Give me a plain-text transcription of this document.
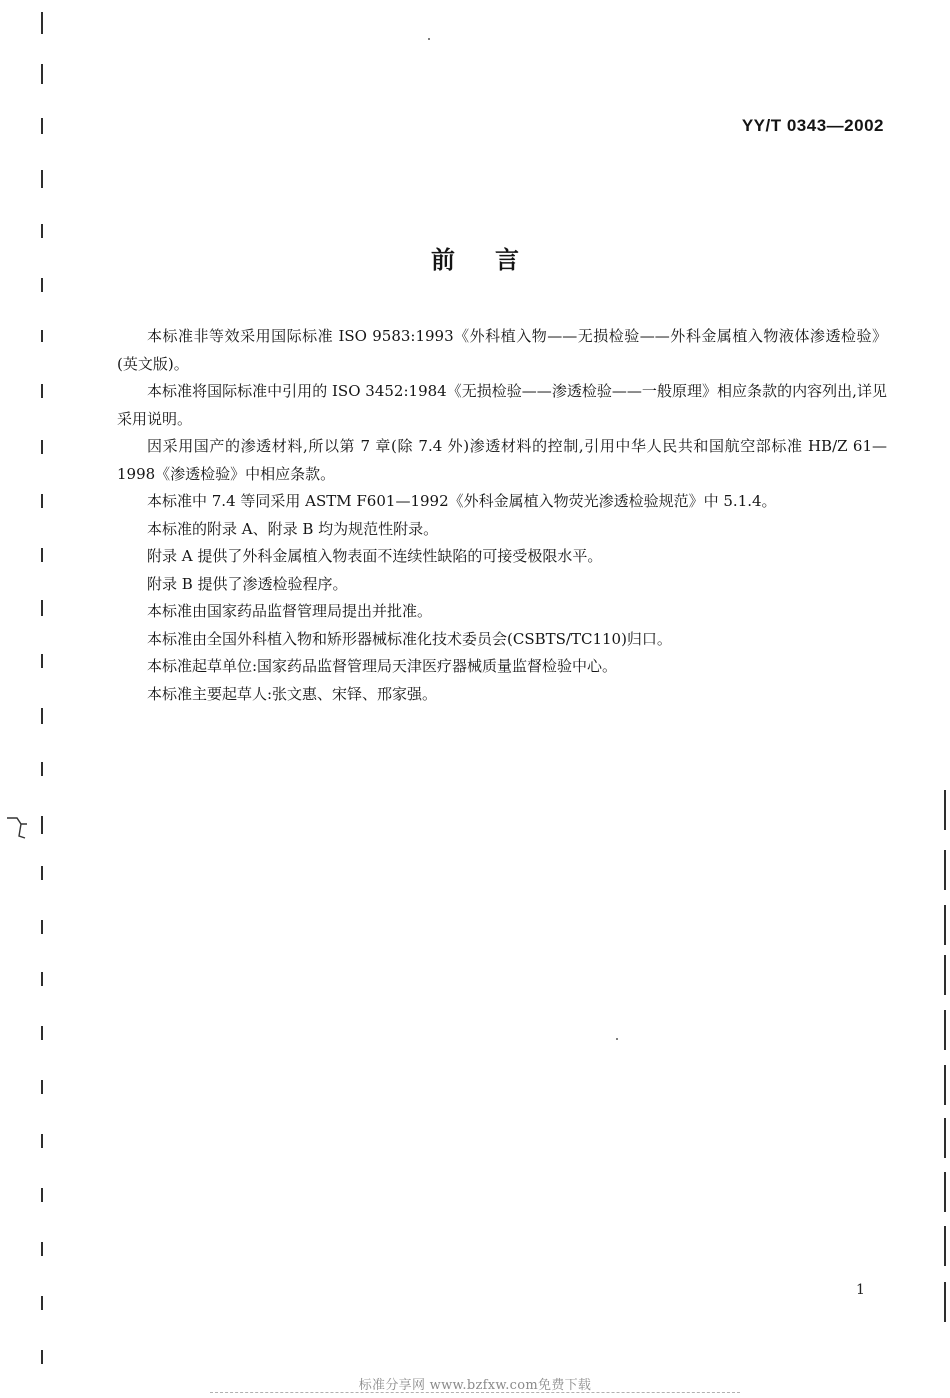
YY/T 0343—2002
前言

本标准非等效采用国际标准 ISO 9583:1993《外科植入物——无损检验——外科金属植入物液体渗透检验》(英文版)。

本标准将国际标准中引用的 ISO 3452:1984《无损检验——渗透检验——一般原理》相应条款的内容列出,详见采用说明。

因采用国产的渗透材料,所以第 7 章(除 7.4 外)渗透材料的控制,引用中华人民共和国航空部标准 HB/Z 61—1998《渗透检验》中相应条款。

本标准中 7.4 等同采用 ASTM F601—1992《外科金属植入物荧光渗透检验规范》中 5.1.4。

本标准的附录 A、附录 B 均为规范性附录。

附录 A 提供了外科金属植入物表面不连续性缺陷的可接受极限水平。

附录 B 提供了渗透检验程序。

本标准由国家药品监督管理局提出并批准。

本标准由全国外科植入物和矫形器械标准化技术委员会(CSBTS/TC110)归口。

本标准起草单位:国家药品监督管理局天津医疗器械质量监督检验中心。

本标准主要起草人:张文惠、宋铎、邢家强。

1
标准分享网 www.bzfxw.com免费下载
